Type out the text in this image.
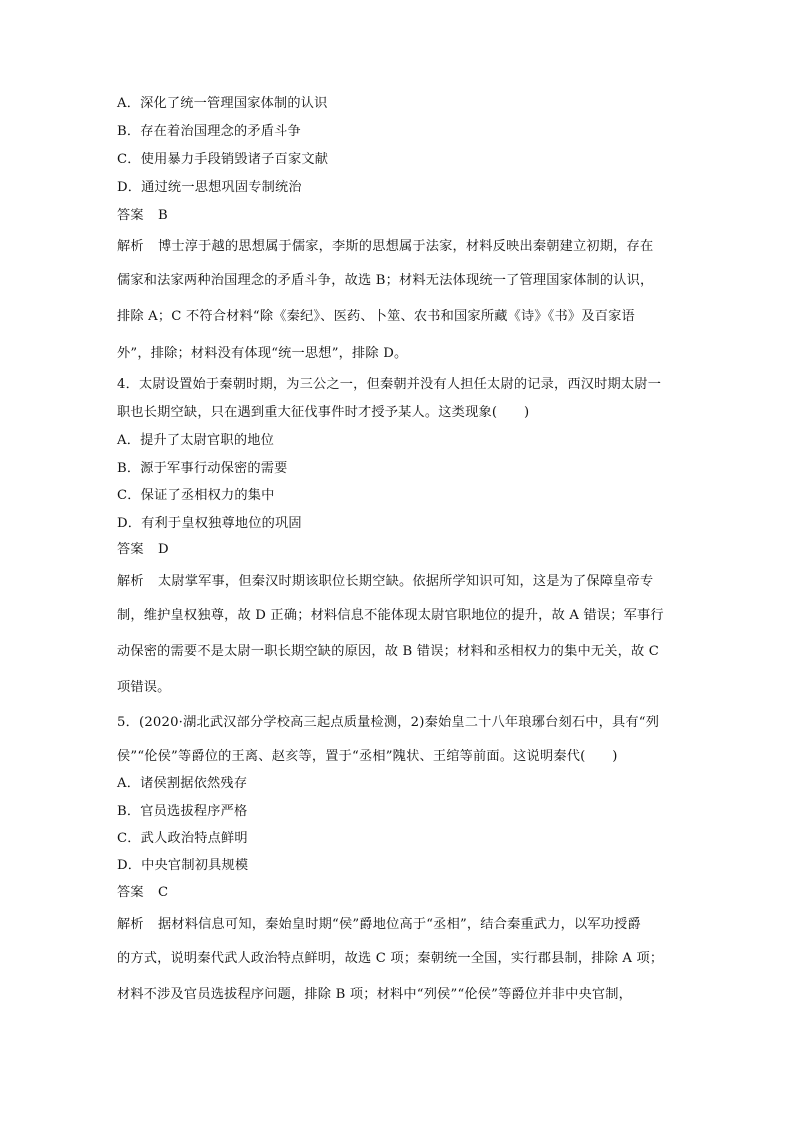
A．深化了统一管理国家体制的认识
B．存在着治国理念的矛盾斗争
C．使用暴力手段销毁诸子百家文献
D．通过统一思想巩固专制统治
答案 B
解析 博士淳于越的思想属于儒家，李斯的思想属于法家，材料反映出秦朝建立初期，存在
儒家和法家两种治国理念的矛盾斗争，故选 B；材料无法体现统一了管理国家体制的认识，
排除 A；C 不符合材料“除《秦纪》、医药、卜筮、农书和国家所藏《诗》《书》及百家语
外”，排除；材料没有体现“统一思想”，排除 D。
4．太尉设置始于秦朝时期，为三公之一，但秦朝并没有人担任太尉的记录，西汉时期太尉一
职也长期空缺，只在遇到重大征伐事件时才授予某人。这类现象(　　)
A．提升了太尉官职的地位
B．源于军事行动保密的需要
C．保证了丞相权力的集中
D．有利于皇权独尊地位的巩固
答案 D
解析 太尉掌军事，但秦汉时期该职位长期空缺。依据所学知识可知，这是为了保障皇帝专
制，维护皇权独尊，故 D 正确；材料信息不能体现太尉官职地位的提升，故 A 错误；军事行
动保密的需要不是太尉一职长期空缺的原因，故 B 错误；材料和丞相权力的集中无关，故 C
项错误。
5．(2020·湖北武汉部分学校高三起点质量检测，2)秦始皇二十八年琅琊台刻石中，具有“列
侯”“伦侯”等爵位的王离、赵亥等，置于“丞相”隗状、王绾等前面。这说明秦代(　　)
A．诸侯割据依然残存
B．官员选拔程序严格
C．武人政治特点鲜明
D．中央官制初具规模
答案 C
解析 据材料信息可知，秦始皇时期“侯”爵地位高于“丞相”，结合秦重武力，以军功授爵
的方式，说明秦代武人政治特点鲜明，故选 C 项；秦朝统一全国，实行郡县制，排除 A 项；
材料不涉及官员选拔程序问题，排除 B 项；材料中“列侯”“伦侯”等爵位并非中央官制，
